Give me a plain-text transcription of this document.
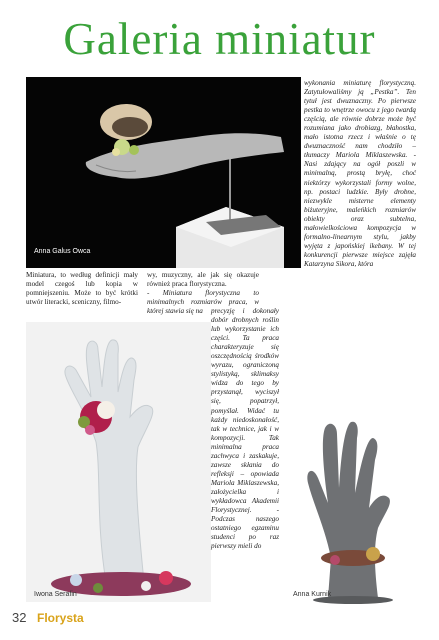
Galeria miniatur
Anna Galus Owca

wykonania miniaturę florystyczną. Zatytułowaliśmy ją „Pestka”. Ten tytuł jest dwuznaczny. Po pierwsze pestka to wnętrze owocu z jego twardą częścią, ale równie dobrze może być rozumiana jako drobiazg, błahostka, mało istotna rzecz i właśnie o tę dwuznaczność nam chodziło – tłumaczy Mariola Miklaszewska. - Nasi zdający na ogół poszli w minimalną, prostą bryłę, choć niektórzy wykorzystali formy wolne, np. postaci ludzkie. Były drobne, niezwykle misterne elementy biżuteryjne, maleńkich rozmiarów obiekty oraz subtelna, małowielkościowa kompozycja w formalno-linearnym stylu, jakby wyjęta z japońskiej ikebany. W tej konkurencji pierwsze miejsce zajęła Katarzyna Sikora, która

Miniatura, to według definicji mały model czegoś lub kopia w pomniejszeniu. Może to być krótki utwór literacki, sceniczny, filmo-

wy, muzyczny, ale jak się okazuje również praca florystyczna.

- Miniatura florystyczna to minimalnych rozmiarów praca, w której stawia się na

Iwona Serafin

precyzję i dokonały dobór drobnych roślin lub wykorzystanie ich części. Ta praca charakteryzuje się oszczędnością środków wyrazu, ograniczoną stylistyką, sklimaksy widza do tego by przystanął, wyciszył się, popatrzył, pomyślał. Widać tu każdy niedoskonałość, tak w technice, jak i w kompozycji. Tak minimalna praca zachwyca i zaskakuje, zawsze skłania do refleksji – opowiada Mariola Miklaszewska, założycielka i wykładowca Akademii Florystycznej. - Podczas naszego ostatniego egzaminu studenci po raz pierwszy mieli do

Anna Kurnik
32 Florysta
